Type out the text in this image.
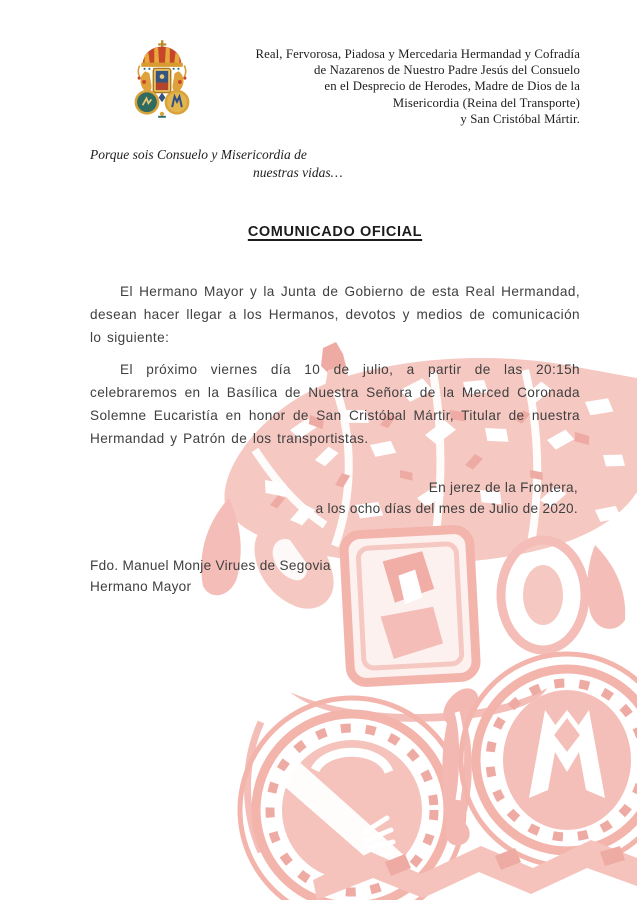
Real, Fervorosa, Piadosa y Mercedaria Hermandad y Cofradía
de Nazarenos de Nuestro Padre Jesús del Consuelo
en el Desprecio de Herodes, Madre de Dios de la
Misericordia (Reina del Transporte)
y San Cristóbal Mártir.
Porque sois Consuelo y Misericordia de
nuestras vidas…
COMUNICADO OFICIAL

El Hermano Mayor y la Junta de Gobierno de esta Real Hermandad, desean hacer llegar a los Hermanos, devotos y medios de comunicación lo siguiente:

El próximo viernes día 10 de julio, a partir de las 20:15h celebraremos en la Basílica de Nuestra Señora de la Merced Coronada Solemne Eucaristía en honor de San Cristóbal Mártir, Titular de nuestra Hermandad y Patrón de los transportistas.

En jerez de la Frontera,
a los ocho días del mes de Julio de 2020.
Fdo. Manuel Monje Virues de Segovia
Hermano Mayor
